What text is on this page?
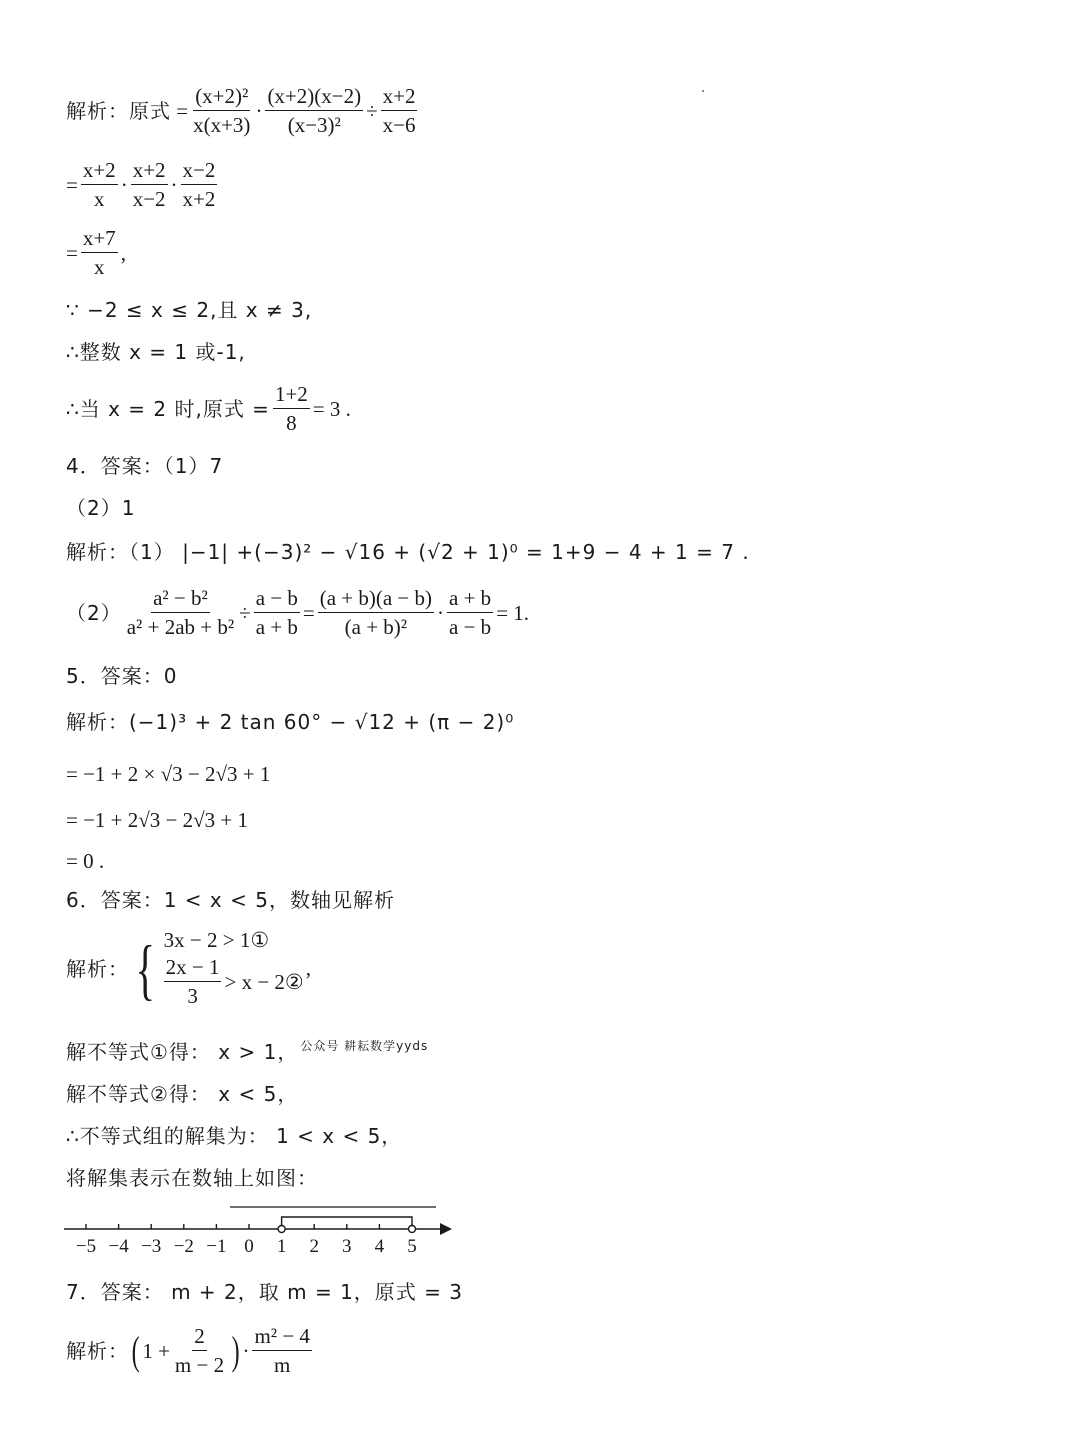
解析：原式 = $\frac{\text{(x+2)²}}{x(x+3)} \cdot \frac{(x+2)(x-2)}{\text{(x−3)²}} \div \frac{x+2}{x-6}$
= $\frac{x+2}{x}$ ·
x+2
x−2
·
x−2
x+2
= $\frac{x+7}{x}$ ,
∵ −2 ≤ x ≤ 2,且 x ≠ 3,
∴整数 x = 1 或-1,
∴当 x = 2 时,原式 = $\frac{1+2}{8} = 3$ .
4．答案：（1）7
（2）1
解析：（1） |−1| +(−3)² − √16 + (√2 + 1)⁰ = 1+9 − 4 + 1 = 7 .
$(2) \frac{\text{a² − b²}}{\text{a² + 2ab + b²}} \div \frac{a - b}{a + b} = \frac{(a + b)(a - b)}{\text{(a + b)²}} \cdot \frac{a + b}{a - b} = 1$.
5．答案：0
解析：(−1)³ + 2 tan 60° − √12 + (π − 2)⁰
= −1 + 2 × √3 − 2√3 + 1
= −1 + 2√3 − 2√3 + 1
= 0 .
6．答案：1 < x < 5，数轴见解析
解析： { 3x − 2 > 1①
2x − 1
3
> x − 2②
,
解不等式①得： x > 1， 公众号 耕耘数学yyds
解不等式②得： x < 5，
∴不等式组的解集为： 1 < x < 5，
将解集表示在数轴上如图：
−5 −4 −3 −2 −1 0 1 2 3 4 5
7．答案： m + 2，取 m = 1，原式 = 3
解析： ( $1 + \frac{2}{m - 2}$ ) ·
m² − 4
m
